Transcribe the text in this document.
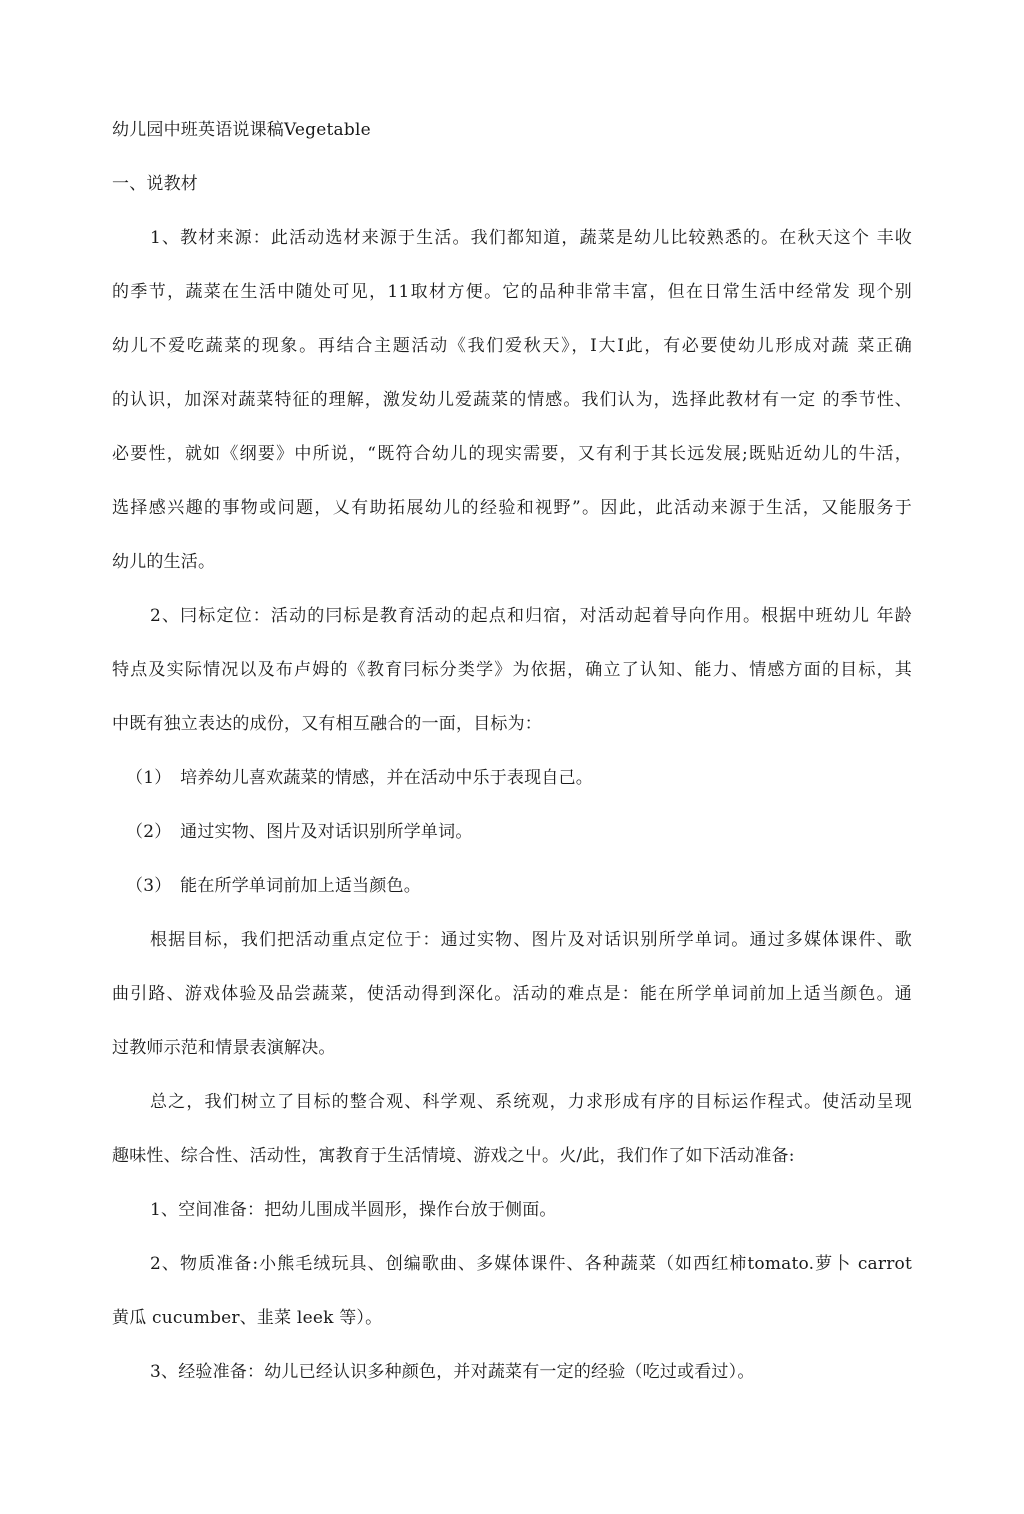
幼儿园中班英语说课稿Vegetable
一、说教材
1、教材来源：此活动选材来源于生活。我们都知道，蔬菜是幼儿比较熟悉的。在秋天这个 丰收
的季节，蔬菜在生活中随处可见，11取材方便。它的品种非常丰富，但在日常生活中经常发 现个别
幼儿不爱吃蔬菜的现象。再结合主题活动《我们爱秋天》，I大I此，有必要使幼儿形成对蔬 菜正确
的认识，加深对蔬菜特征的理解，激发幼儿爱蔬菜的情感。我们认为，选择此教材有一定 的季节性、
必要性，就如《纲要》中所说，“既符合幼儿的现实需要，又有利于其长远发展;既贴近幼儿的牛活，
选择感兴趣的事物或问题，乂有助拓展幼儿的经验和视野”。因此，此活动来源于生活，又能服务于
幼儿的生活。
2、冃标定位：活动的冃标是教育活动的起点和归宿，对活动起着导向作用。根据中班幼儿 年龄
特点及实际情况以及布卢姆的《教育冃标分类学》为依据，确立了认知、能力、情感方面的目标，其
中既有独立表达的成份，又有相互融合的一面，目标为：
（1）　培养幼儿喜欢蔬菜的情感，并在活动中乐于表现自己。
（2）　通过实物、图片及对话识别所学单词。
（3）　能在所学单词前加上适当颜色。
根据目标，我们把活动重点定位于：通过实物、图片及对话识别所学单词。通过多媒体课件、歌
曲引路、游戏体验及品尝蔬菜，使活动得到深化。活动的难点是：能在所学单词前加上适当颜色。通
过教师示范和情景表演解决。
总之，我们树立了目标的整合观、科学观、系统观，力求形成有序的目标运作程式。使活动呈现
趣味性、综合性、活动性，寓教育于生活情境、游戏之屮。火/此，我们作了如下活动准备:
1、空间准备：把幼儿围成半圆形，操作台放于侧面。
2、物质准备:小熊毛绒玩具、创编歌曲、多媒体课件、各种蔬菜（如西红柿tomato.萝卜 carrot
黄瓜 cucumber、韭菜 leek 等）。
3、经验准备：幼儿已经认识多种颜色，并对蔬菜有一定的经验（吃过或看过）。
